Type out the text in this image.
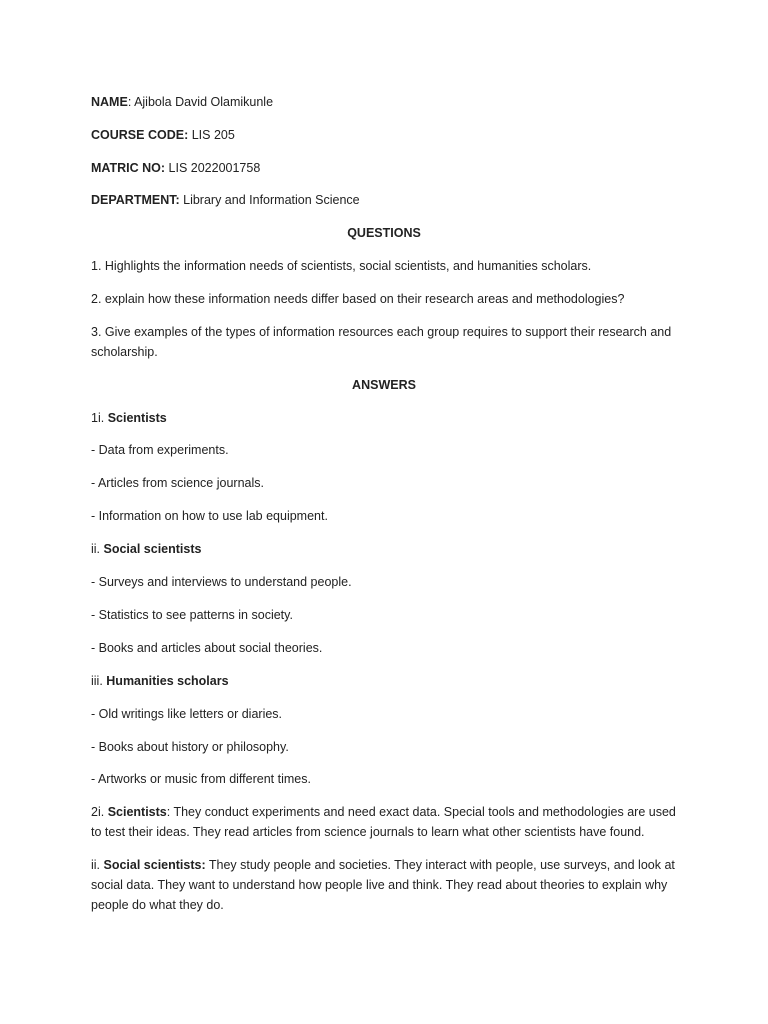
NAME: Ajibola David Olamikunle

COURSE CODE: LIS 205

MATRIC NO: LIS 2022001758

DEPARTMENT: Library and Information Science

QUESTIONS

1. Highlights the information needs of scientists, social scientists, and humanities scholars.

2. explain how these information needs differ based on their research areas and methodologies?

3. Give examples of the types of information resources each group requires to support their research and scholarship.

ANSWERS

1i. Scientists

- Data from experiments.

- Articles from science journals.

- Information on how to use lab equipment.

ii. Social scientists

- Surveys and interviews to understand people.

- Statistics to see patterns in society.

- Books and articles about social theories.

iii. Humanities scholars

- Old writings like letters or diaries.

- Books about history or philosophy.

- Artworks or music from different times.

2i. Scientists: They conduct experiments and need exact data. Special tools and methodologies are used to test their ideas. They read articles from science journals to learn what other scientists have found.

ii. Social scientists: They study people and societies. They interact with people, use surveys, and look at social data. They want to understand how people live and think. They read about theories to explain why people do what they do.
